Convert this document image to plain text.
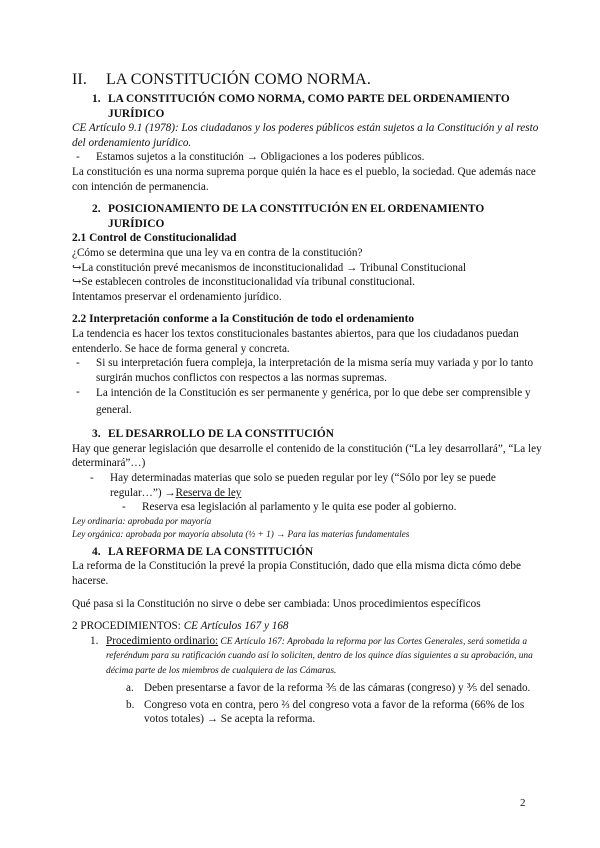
II. LA CONSTITUCIÓN COMO NORMA.

1. LA CONSTITUCIÓN COMO NORMA, COMO PARTE DEL ORDENAMIENTO JURÍDICO

CE Artículo 9.1 (1978): Los ciudadanos y los poderes públicos están sujetos a la Constitución y al resto del ordenamiento jurídico.

-	Estamos sujetos a la constitución → Obligaciones a los poderes públicos.

La constitución es una norma suprema porque quién la hace es el pueblo, la sociedad. Que además nace con intención de permanencia.

2. POSICIONAMIENTO DE LA CONSTITUCIÓN EN EL ORDENAMIENTO JURÍDICO

2.1 Control de Constitucionalidad

¿Cómo se determina que una ley va en contra de la constitución?

↪La constitución prevé mecanismos de inconstitucionalidad → Tribunal Constitucional

↪Se establecen controles de inconstitucionalidad vía tribunal constitucional.

Intentamos preservar el ordenamiento jurídico.

2.2 Interpretación conforme a la Constitución de todo el ordenamiento

La tendencia es hacer los textos constitucionales bastantes abiertos, para que los ciudadanos puedan entenderlo. Se hace de forma general y concreta.

-	Si su interpretación fuera compleja, la interpretación de la misma sería muy variada y por lo tanto surgirán muchos conflictos con respectos a las normas supremas.
-	La intención de la Constitución es ser permanente y genérica, por lo que debe ser comprensible y general.
3. EL DESARROLLO DE LA CONSTITUCIÓN

Hay que generar legislación que desarrolle el contenido de la constitución (“La ley desarrollará”, “La ley determinará”…)

-	Hay determinadas materias que solo se pueden regular por ley (“Sólo por ley se puede regular…”) →Reserva de ley
-	Reserva esa legislación al parlamento y le quita ese poder al gobierno.

Ley ordinaria: aprobada por mayoría

Ley orgánica: aprobada por mayoría absoluta (½ + 1) → Para las materias fundamentales

4. LA REFORMA DE LA CONSTITUCIÓN

La reforma de la Constitución la prevé la propia Constitución, dado que ella misma dicta cómo debe hacerse.

Qué pasa si la Constitución no sirve o debe ser cambiada: Unos procedimientos específicos

2 PROCEDIMIENTOS: CE Artículos 167 y 168

1. Procedimiento ordinario: CE Artículo 167: Aprobada la reforma por las Cortes Generales, será sometida a referéndum para su ratificación cuando así lo soliciten, dentro de los quince días siguientes a su aprobación, una décima parte de los miembros de cualquiera de las Cámaras.
a. Deben presentarse a favor de la reforma ⅗ de las cámaras (congreso) y ⅗ del senado.
b. Congreso vota en contra, pero ⅔ del congreso vota a favor de la reforma (66% de los votos totales) → Se acepta la reforma.
2
